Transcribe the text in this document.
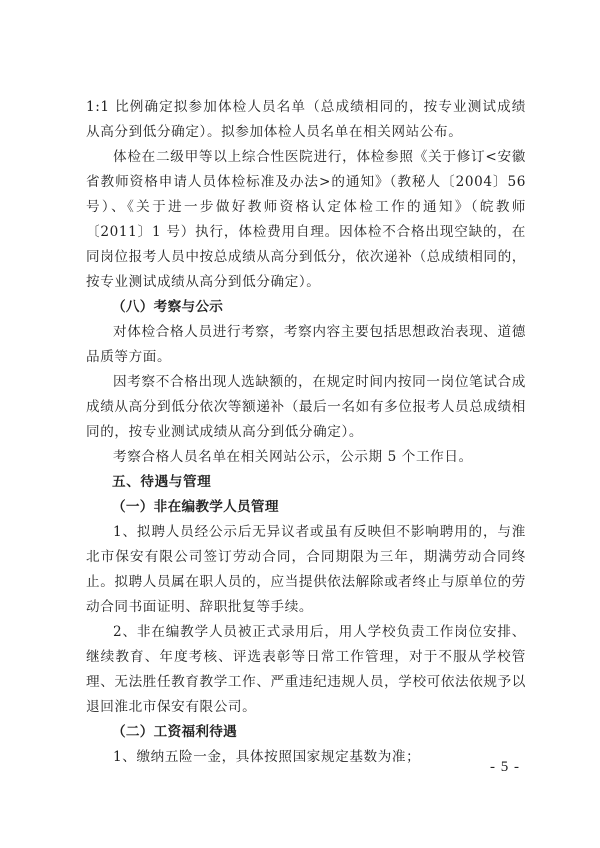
1:1 比例确定拟参加体检人员名单（总成绩相同的，按专业测试成绩从高分到低分确定）。拟参加体检人员名单在相关网站公布。

体检在二级甲等以上综合性医院进行，体检参照《关于修订<安徽省教师资格申请人员体检标准及办法>的通知》（教秘人〔2004〕56 号）、《关于进一步做好教师资格认定体检工作的通知》（皖教师〔2011〕1 号）执行，体检费用自理。因体检不合格出现空缺的，在同岗位报考人员中按总成绩从高分到低分，依次递补（总成绩相同的，按专业测试成绩从高分到低分确定）。

（八）考察与公示

对体检合格人员进行考察，考察内容主要包括思想政治表现、道德品质等方面。

因考察不合格出现人选缺额的，在规定时间内按同一岗位笔试合成成绩从高分到低分依次等额递补（最后一名如有多位报考人员总成绩相同的，按专业测试成绩从高分到低分确定）。

考察合格人员名单在相关网站公示，公示期 5 个工作日。

五、待遇与管理

（一）非在编教学人员管理

1、拟聘人员经公示后无异议者或虽有反映但不影响聘用的，与淮北市保安有限公司签订劳动合同，合同期限为三年，期满劳动合同终止。拟聘人员属在职人员的，应当提供依法解除或者终止与原单位的劳动合同书面证明、辞职批复等手续。

2、非在编教学人员被正式录用后，用人学校负责工作岗位安排、继续教育、年度考核、评选表彰等日常工作管理，对于不服从学校管理、无法胜任教育教学工作、严重违纪违规人员，学校可依法依规予以退回淮北市保安有限公司。

（二）工资福利待遇

1、缴纳五险一金，具体按照国家规定基数为准；

- 5 -
